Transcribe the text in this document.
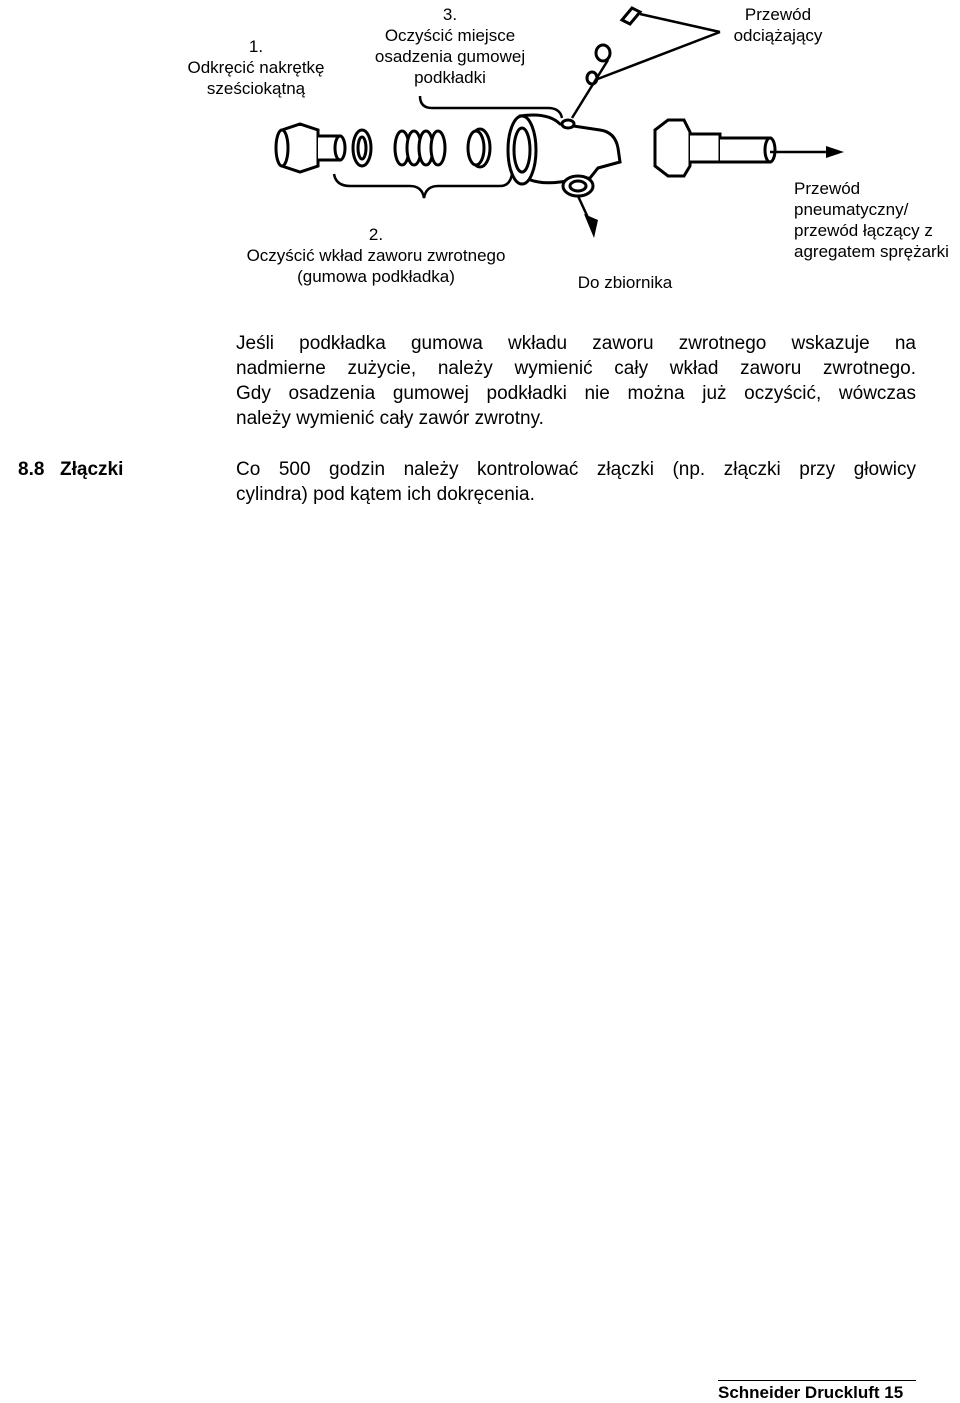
1.
Odkręcić nakrętkę
sześciokątną
2.
Oczyścić wkład zaworu zwrotnego
(gumowa podkładka)
3.
Oczyścić miejsce
osadzenia gumowej
podkładki
Przewód
odciążający
Do zbiornika
Przewód
pneumatyczny/
przewód łączący z
agregatem sprężarki
Jeśli podkładka gumowa wkładu zaworu zwrotnego wskazuje na
nadmierne zużycie, należy wymienić cały wkład zaworu zwrotnego.
Gdy osadzenia gumowej podkładki nie można już oczyścić, wówczas
należy wymienić cały zawór zwrotny.
8.8 Złączki	Co 500 godzin należy kontrolować złączki (np. złączki przy głowicy
cylindra) pod kątem ich dokręcenia.
Schneider Druckluft 15
